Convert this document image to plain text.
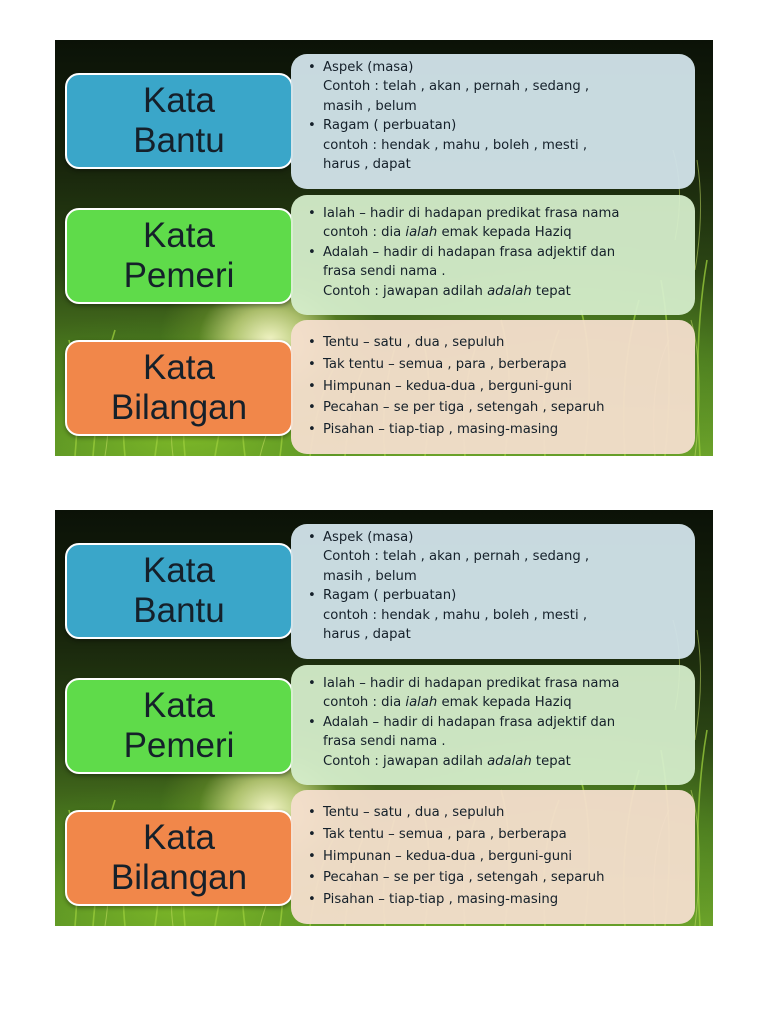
Kata
Bantu
• Aspek (masa)
Contoh : telah , akan , pernah , sedang ,
masih , belum
• Ragam ( perbuatan)
contoh : hendak , mahu , boleh , mesti ,
harus , dapat
Kata
Pemeri
• Ialah – hadir di hadapan predikat frasa nama
contoh : dia ialah emak kepada Haziq
• Adalah – hadir di hadapan frasa adjektif dan
frasa sendi nama .
Contoh : jawapan adilah adalah tepat
Kata
Bilangan
• Tentu – satu , dua , sepuluh
• Tak tentu – semua , para , berberapa
• Himpunan – kedua-dua , berguni-guni
• Pecahan – se per tiga , setengah , separuh
• Pisahan – tiap-tiap , masing-masing
Kata
Bantu
• Aspek (masa)
Contoh : telah , akan , pernah , sedang ,
masih , belum
• Ragam ( perbuatan)
contoh : hendak , mahu , boleh , mesti ,
harus , dapat
Kata
Pemeri
• Ialah – hadir di hadapan predikat frasa nama
contoh : dia ialah emak kepada Haziq
• Adalah – hadir di hadapan frasa adjektif dan
frasa sendi nama .
Contoh : jawapan adilah adalah tepat
Kata
Bilangan
• Tentu – satu , dua , sepuluh
• Tak tentu – semua , para , berberapa
• Himpunan – kedua-dua , berguni-guni
• Pecahan – se per tiga , setengah , separuh
• Pisahan – tiap-tiap , masing-masing
